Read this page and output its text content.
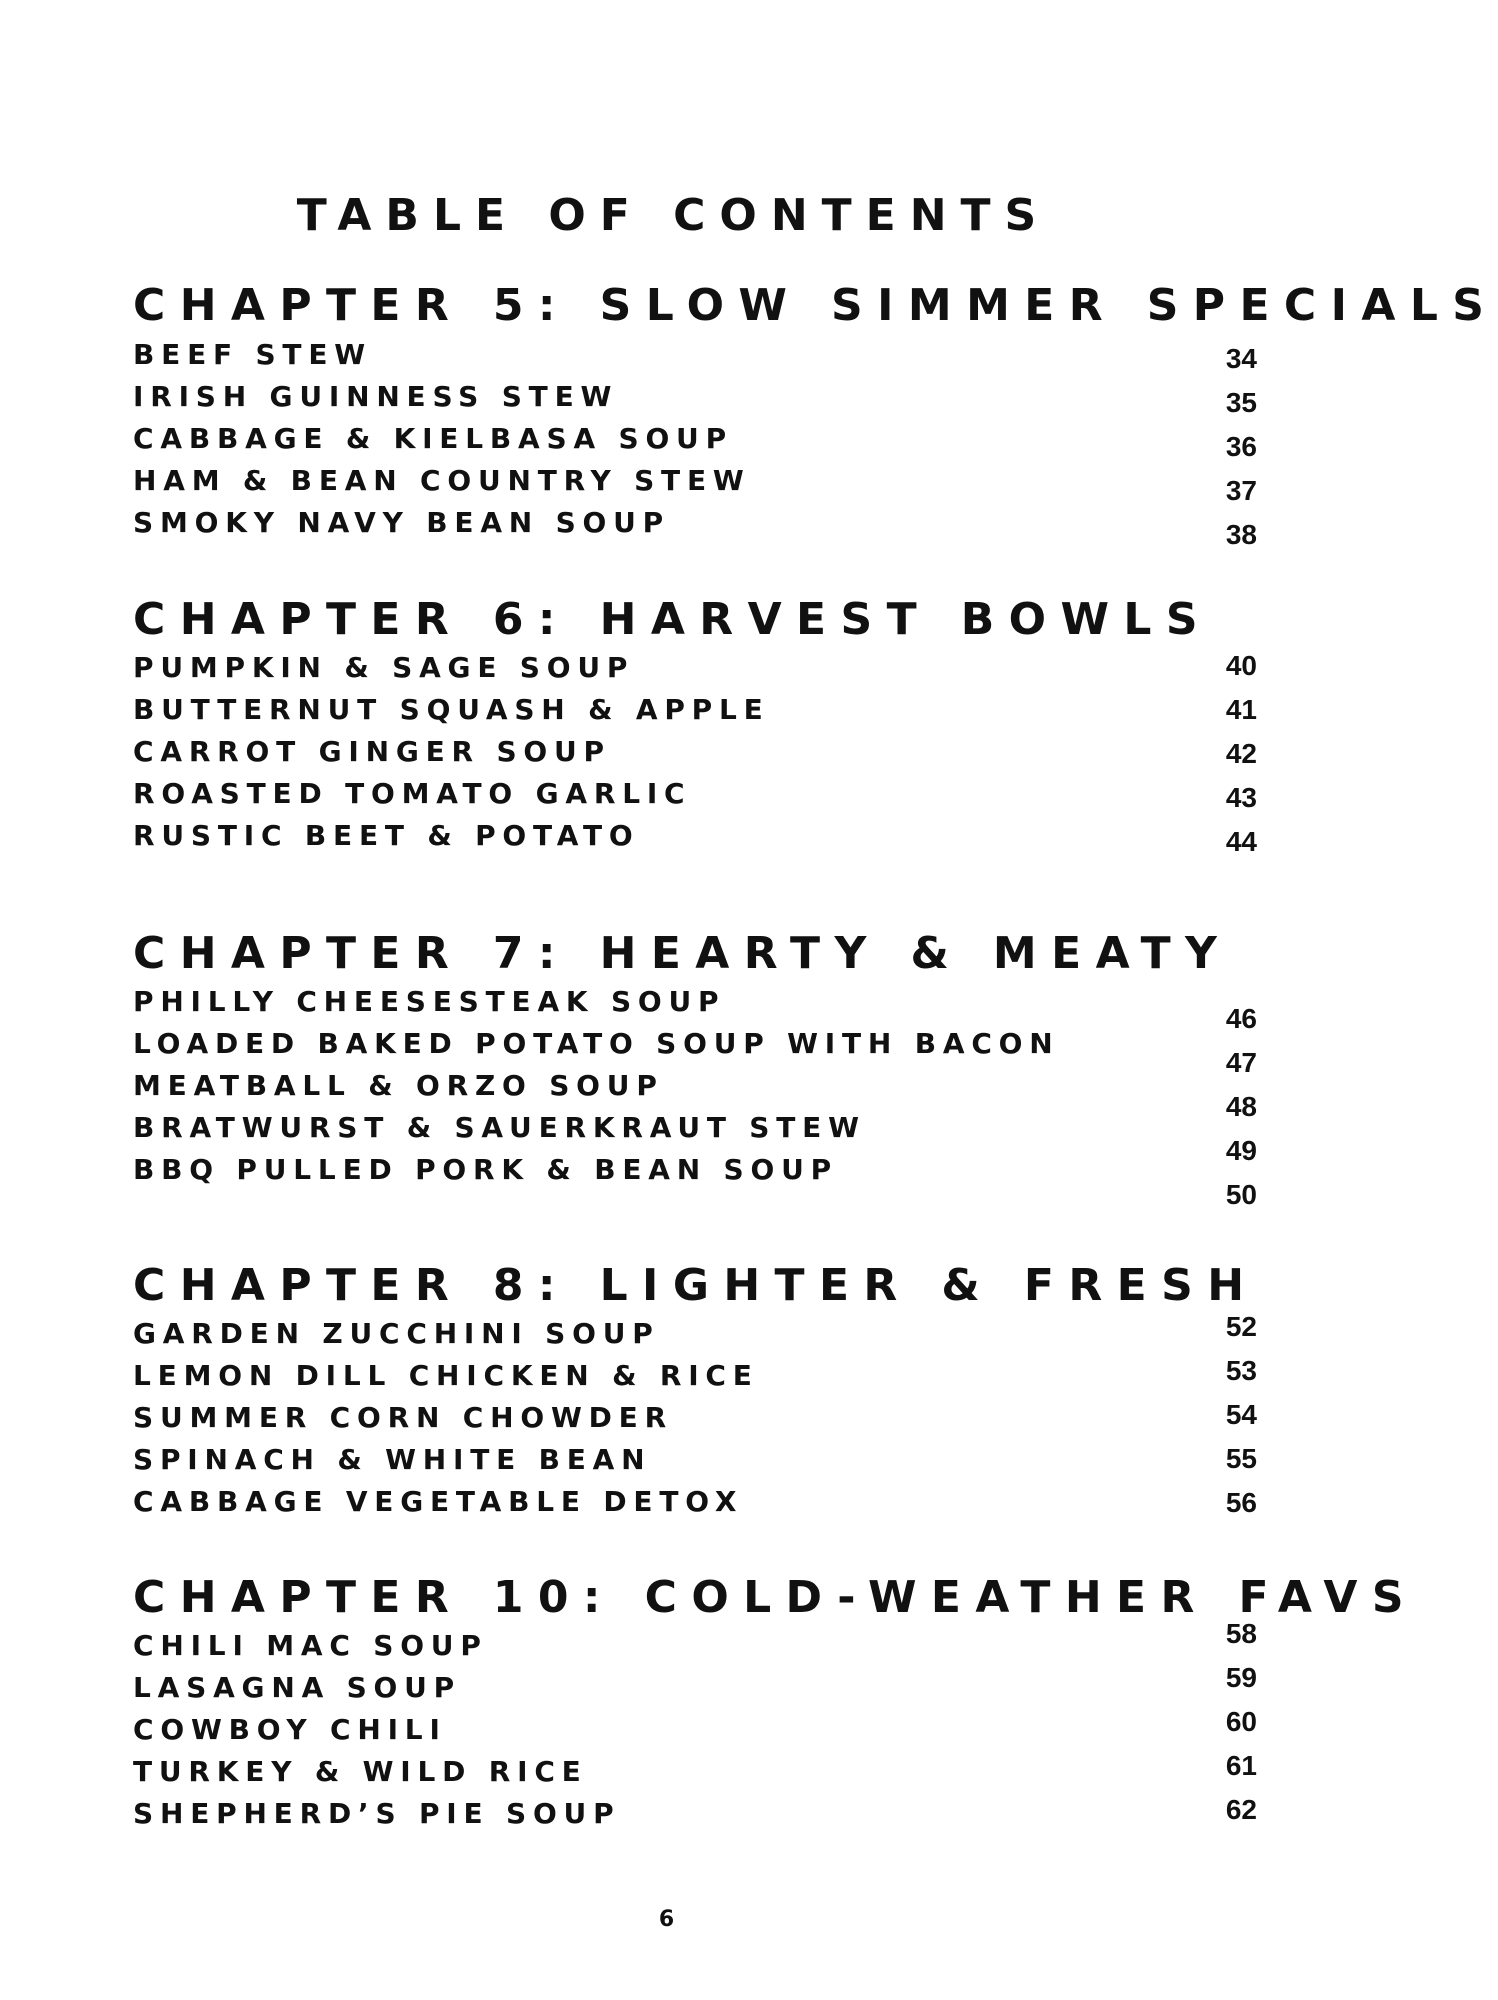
TABLE OF CONTENTS
CHAPTER 5: SLOW SIMMER SPECIALS
BEEF STEW
IRISH GUINNESS STEW
CABBAGE & KIELBASA SOUP
HAM & BEAN COUNTRY STEW
SMOKY NAVY BEAN SOUP
34
35
36
37
38
CHAPTER 6: HARVEST BOWLS
PUMPKIN & SAGE SOUP
BUTTERNUT SQUASH & APPLE
CARROT GINGER SOUP
ROASTED TOMATO GARLIC
RUSTIC BEET & POTATO
40
41
42
43
44
CHAPTER 7: HEARTY & MEATY
PHILLY CHEESESTEAK SOUP
LOADED BAKED POTATO SOUP WITH BACON
MEATBALL & ORZO SOUP
BRATWURST & SAUERKRAUT STEW
BBQ PULLED PORK & BEAN SOUP
46
47
48
49
50
CHAPTER 8: LIGHTER & FRESH
GARDEN ZUCCHINI SOUP
LEMON DILL CHICKEN & RICE
SUMMER CORN CHOWDER
SPINACH & WHITE BEAN
CABBAGE VEGETABLE DETOX
52
53
54
55
56
CHAPTER 10: COLD-WEATHER FAVS
CHILI MAC SOUP
LASAGNA SOUP
COWBOY CHILI
TURKEY & WILD RICE
SHEPHERD’S PIE SOUP
58
59
60
61
62
6
